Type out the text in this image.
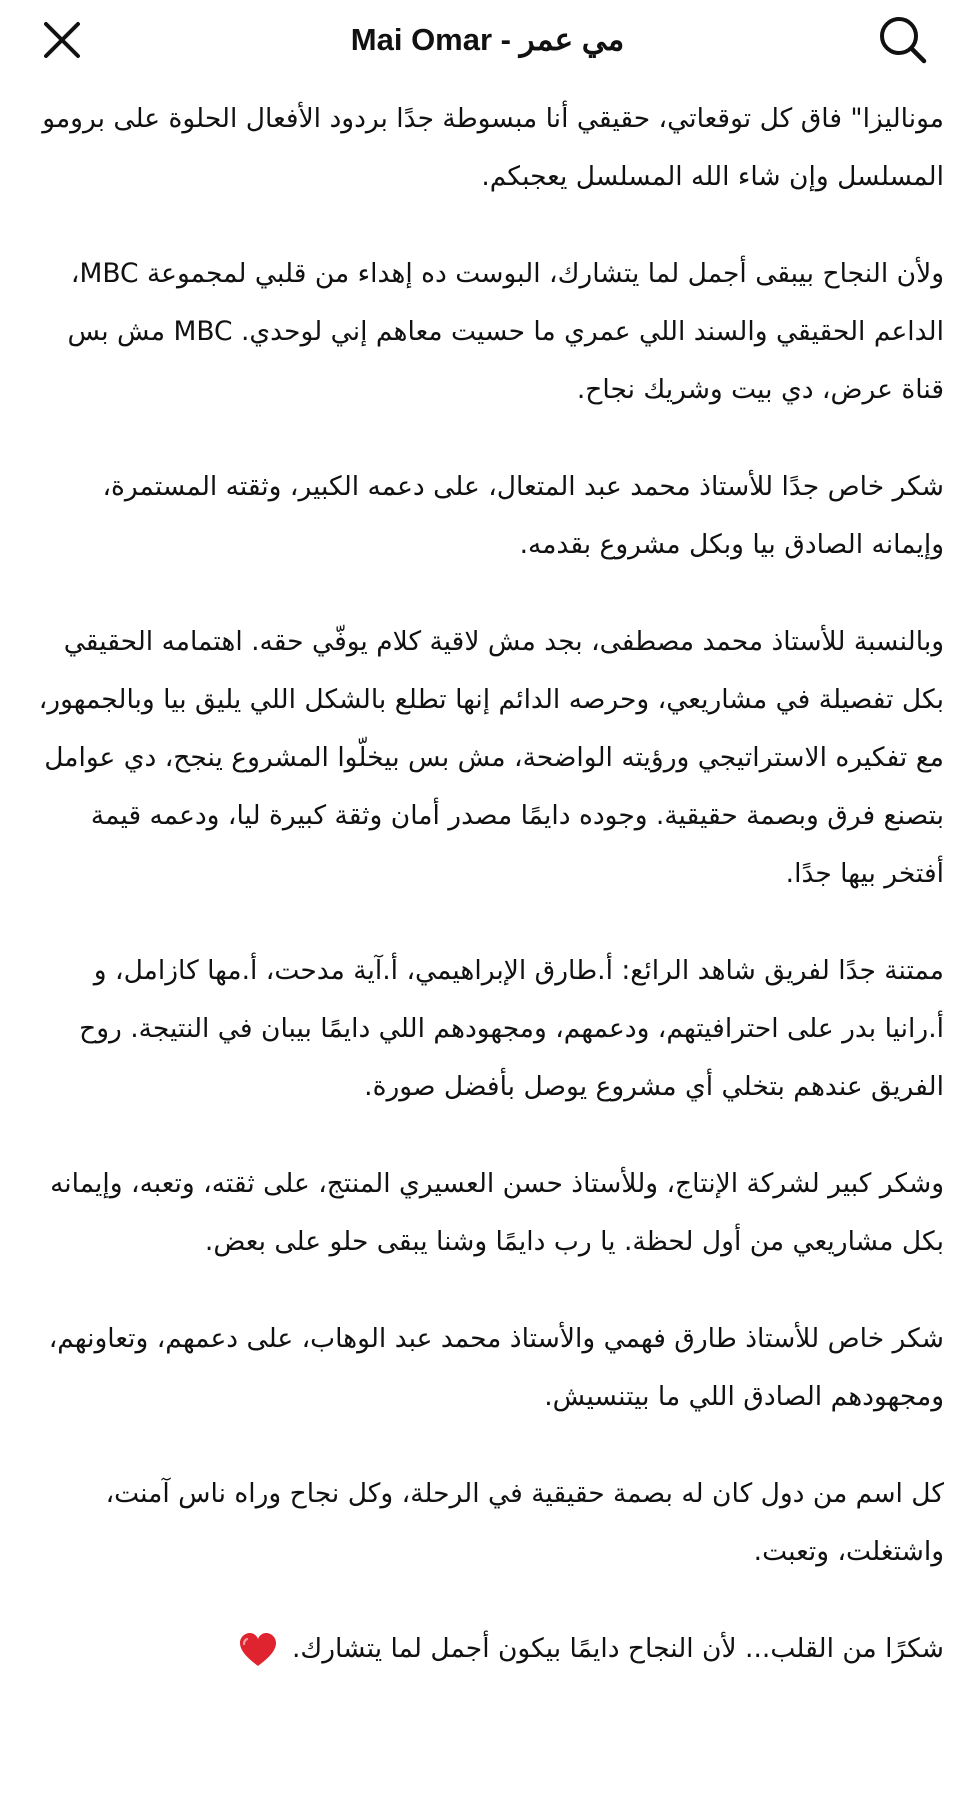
Mai Omar - مي عمر

موناليزا" فاق كل توقعاتي، حقيقي أنا مبسوطة جدًا بردود الأفعال الحلوة على برومو المسلسل وإن شاء الله المسلسل يعجبكم.

ولأن النجاح بيبقى أجمل لما يتشارك، البوست ده إهداء من قلبي لمجموعة MBC، الداعم الحقيقي والسند اللي عمري ما حسيت معاهم إني لوحدي. MBC مش بس قناة عرض، دي بيت وشريك نجاح.

شكر خاص جدًا للأستاذ محمد عبد المتعال، على دعمه الكبير، وثقته المستمرة، وإيمانه الصادق بيا وبكل مشروع بقدمه.

وبالنسبة للأستاذ محمد مصطفى، بجد مش لاقية كلام يوفّي حقه. اهتمامه الحقيقي بكل تفصيلة في مشاريعي، وحرصه الدائم إنها تطلع بالشكل اللي يليق بيا وبالجمهور، مع تفكيره الاستراتيجي ورؤيته الواضحة، مش بس بيخلّوا المشروع ينجح، دي عوامل بتصنع فرق وبصمة حقيقية. وجوده دايمًا مصدر أمان وثقة كبيرة ليا، ودعمه قيمة أفتخر بيها جدًا.

ممتنة جدًا لفريق شاهد الرائع: أ.طارق الإبراهيمي، أ.آية مدحت، أ.مها كازامل، و أ.رانيا بدر على احترافيتهم، ودعمهم، ومجهودهم اللي دايمًا بيبان في النتيجة. روح الفريق عندهم بتخلي أي مشروع يوصل بأفضل صورة.

وشكر كبير لشركة الإنتاج، وللأستاذ حسن العسيري المنتج، على ثقته، وتعبه، وإيمانه بكل مشاريعي من أول لحظة. يا رب دايمًا وشنا يبقى حلو على بعض.

شكر خاص للأستاذ طارق فهمي والأستاذ محمد عبد الوهاب، على دعمهم، وتعاونهم، ومجهودهم الصادق اللي ما بيتنسيش.

كل اسم من دول كان له بصمة حقيقية في الرحلة، وكل نجاح وراه ناس آمنت، واشتغلت، وتعبت.

شكرًا من القلب... لأن النجاح دايمًا بيكون أجمل لما يتشارك.
